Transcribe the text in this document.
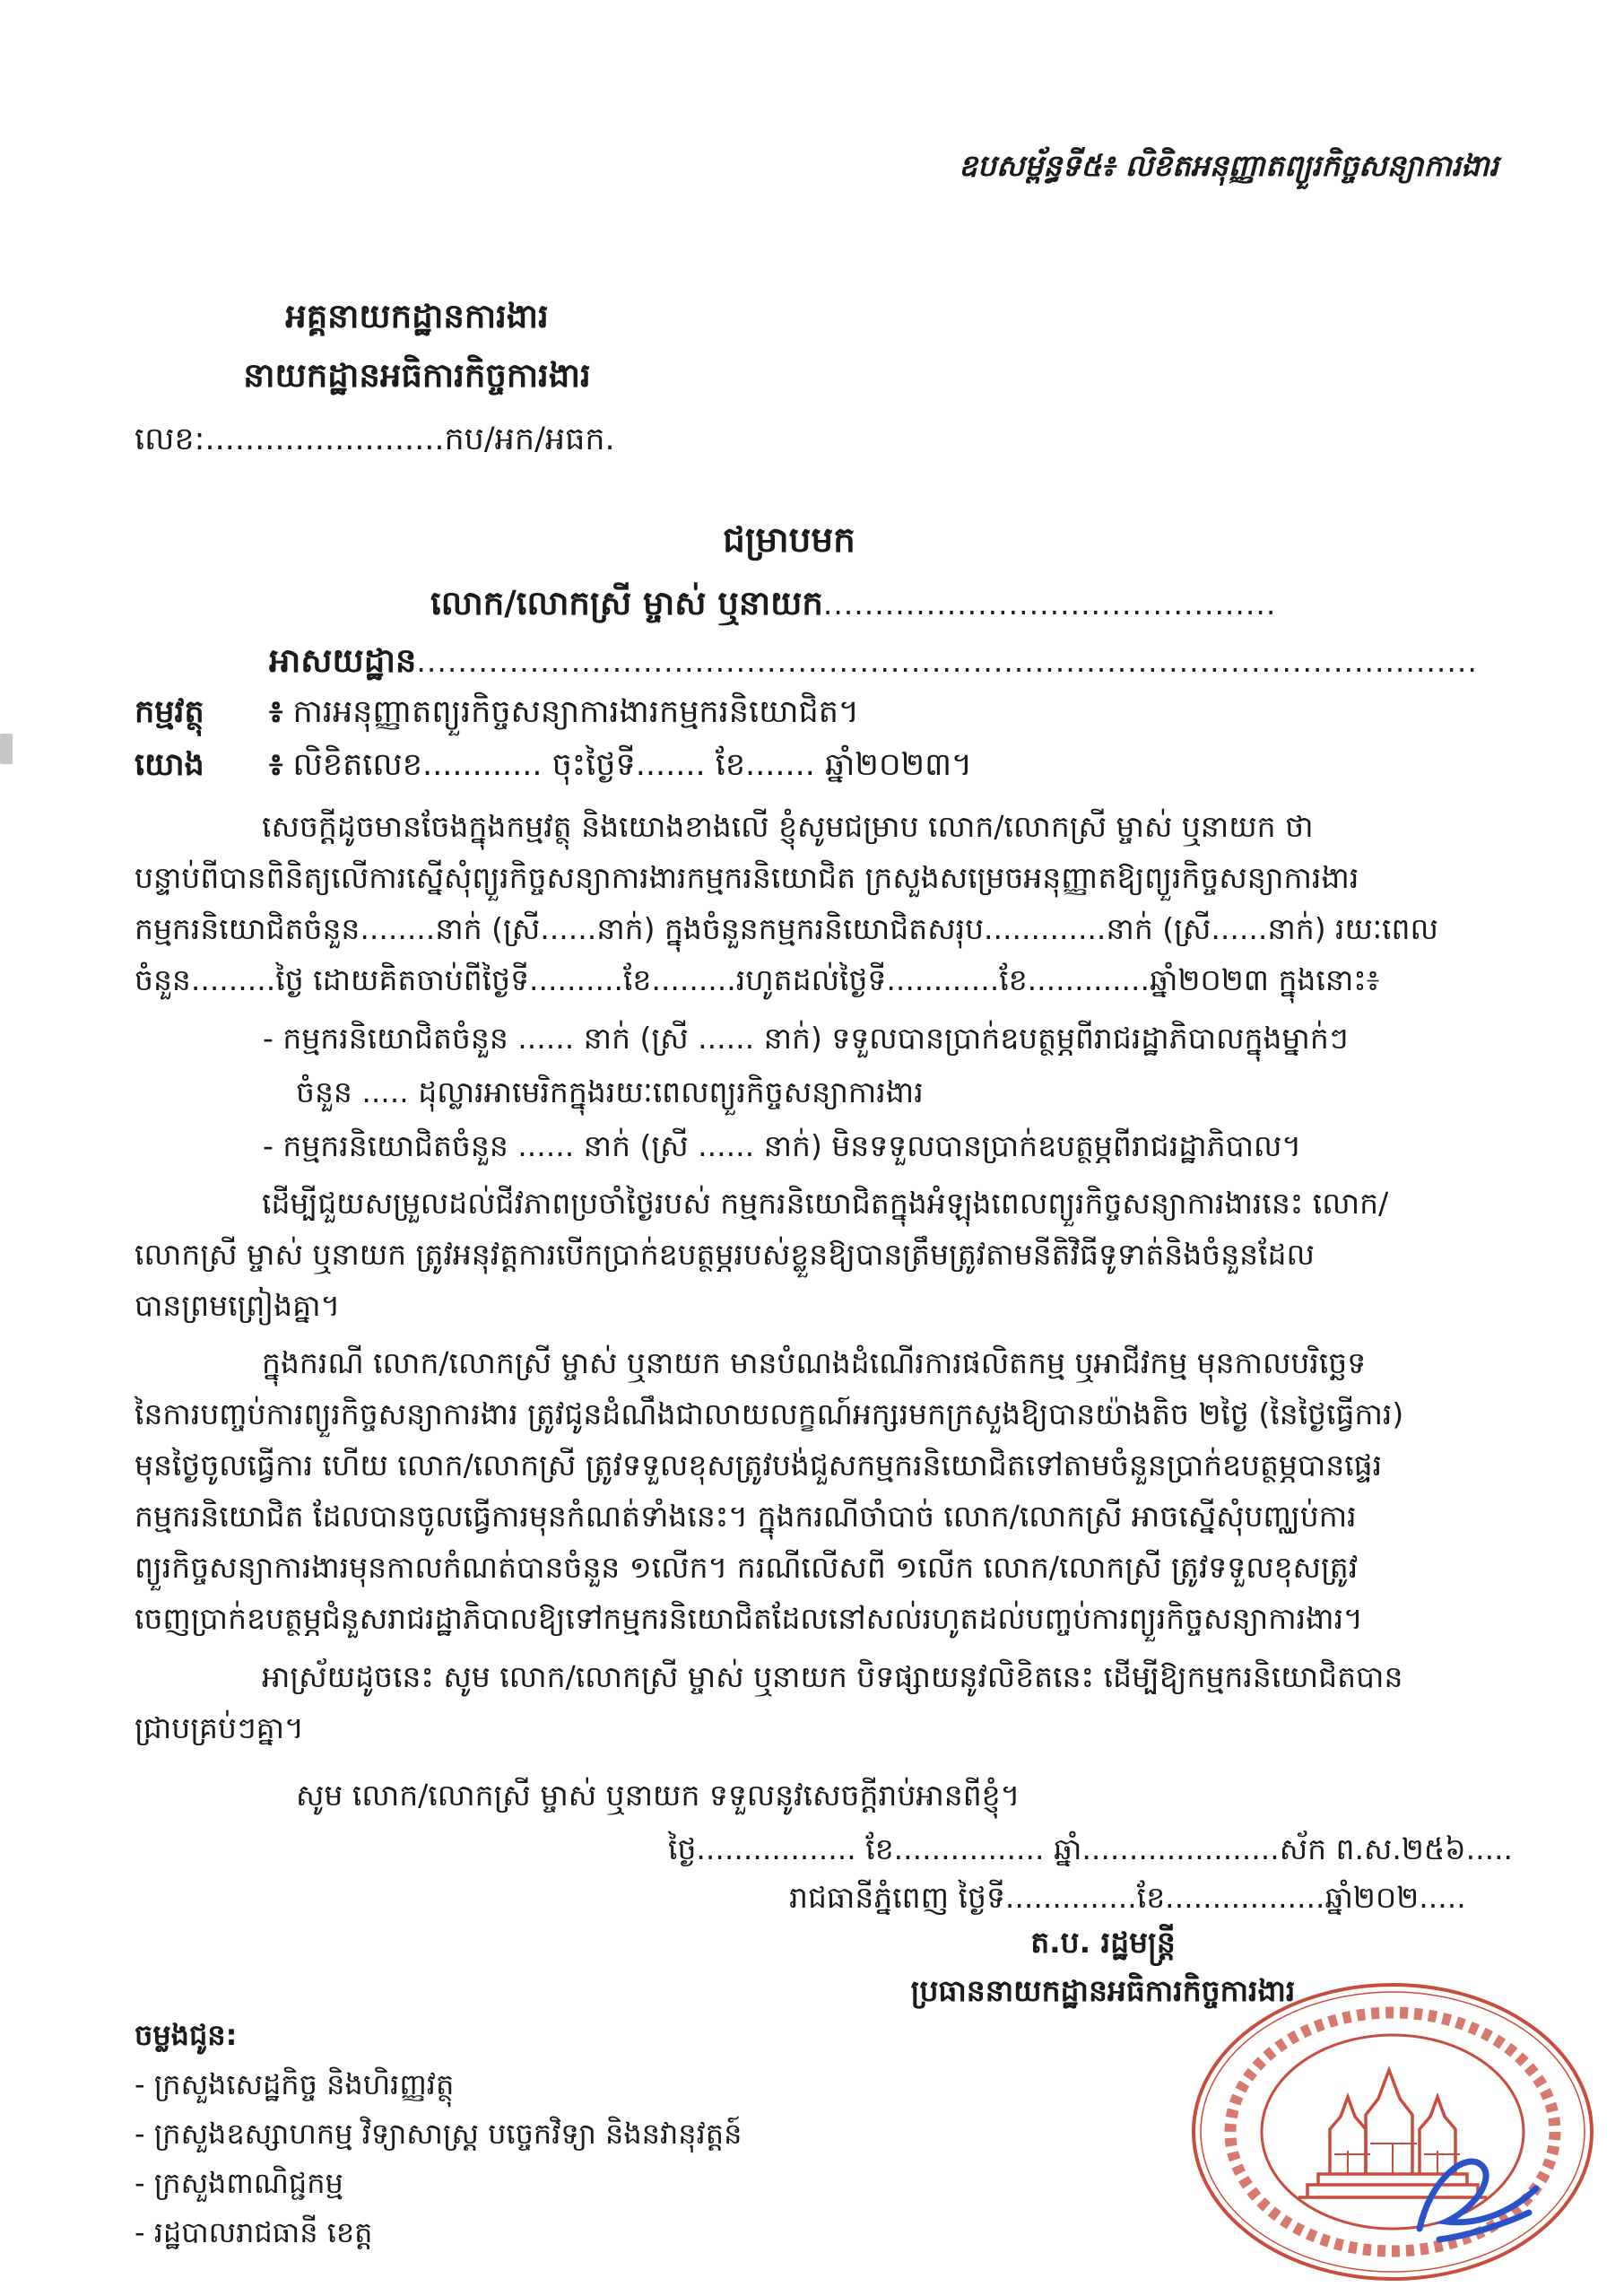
ឧបសម្ព័ន្ធទី៥៖ លិខិតអនុញ្ញាតព្យួរកិច្ចសន្យាការងារ
អគ្គនាយកដ្ឋានការងារ
នាយកដ្ឋានអធិការកិច្ចការងារ
លេខ:........................កប/អក/អធក.
ជម្រាបមក
លោក/លោកស្រី ម្ចាស់ ឬនាយក............................................
អាសយដ្ឋាន.......................................................................................................
កម្មវត្ថុ ៖ ការអនុញ្ញាតព្យួរកិច្ចសន្យាការងារកម្មករនិយោជិត។
យោង ៖ លិខិតលេខ............ ចុះថ្ងៃទី....... ខែ....... ឆ្នាំ២០២៣។
សេចក្តីដូចមានចែងក្នុងកម្មវត្ថុ និងយោងខាងលើ ខ្ញុំសូមជម្រាប លោក/លោកស្រី ម្ចាស់ ឬនាយក ថា
បន្ទាប់ពីបានពិនិត្យលើការស្នើសុំព្យួរកិច្ចសន្យាការងារកម្មករនិយោជិត ក្រសួងសម្រេចអនុញ្ញាតឱ្យព្យួរកិច្ចសន្យាការងារ
កម្មករនិយោជិតចំនួន........នាក់ (ស្រី......នាក់) ក្នុងចំនួនកម្មករនិយោជិតសរុប.............នាក់ (ស្រី......នាក់) រយៈពេល
ចំនួន.........ថ្ងៃ ដោយគិតចាប់ពីថ្ងៃទី..........ខែ.........រហូតដល់ថ្ងៃទី............ខែ.............ឆ្នាំ២០២៣ ក្នុងនោះ៖
- កម្មករនិយោជិតចំនួន ...... នាក់ (ស្រី ...... នាក់) ទទួលបានប្រាក់ឧបត្ថម្ភពីរាជរដ្ឋាភិបាលក្នុងម្នាក់ៗ
ចំនួន ..... ដុល្លារអាមេរិកក្នុងរយៈពេលព្យួរកិច្ចសន្យាការងារ
- កម្មករនិយោជិតចំនួន ...... នាក់ (ស្រី ...... នាក់) មិនទទួលបានប្រាក់ឧបត្ថម្ភពីរាជរដ្ឋាភិបាល។
ដើម្បីជួយសម្រួលដល់ជីវភាពប្រចាំថ្ងៃរបស់ កម្មករនិយោជិតក្នុងអំឡុងពេលព្យួរកិច្ចសន្យាការងារនេះ លោក/
លោកស្រី ម្ចាស់ ឬនាយក ត្រូវអនុវត្តការបើកប្រាក់ឧបត្ថម្ភរបស់ខ្លួនឱ្យបានត្រឹមត្រូវតាមនីតិវិធីទូទាត់និងចំនួនដែល
បានព្រមព្រៀងគ្នា។
ក្នុងករណី លោក/លោកស្រី ម្ចាស់ ឬនាយក មានបំណងដំណើរការផលិតកម្ម ឬអាជីវកម្ម មុនកាលបរិច្ឆេទ
នៃការបញ្ចប់ការព្យួរកិច្ចសន្យាការងារ ត្រូវជូនដំណឹងជាលាយលក្ខណ៍អក្សរមកក្រសួងឱ្យបានយ៉ាងតិច ២ថ្ងៃ (នៃថ្ងៃធ្វើការ)
មុនថ្ងៃចូលធ្វើការ ហើយ លោក/លោកស្រី ត្រូវទទួលខុសត្រូវបង់ជួសកម្មករនិយោជិតទៅតាមចំនួនប្រាក់ឧបត្ថម្ភបានផ្ទេរ
កម្មករនិយោជិត ដែលបានចូលធ្វើការមុនកំណត់ទាំងនេះ។ ក្នុងករណីចាំបាច់ លោក/លោកស្រី អាចស្នើសុំបញ្ឈប់ការ
ព្យួរកិច្ចសន្យាការងារមុនកាលកំណត់បានចំនួន ១លើក។ ករណីលើសពី ១លើក លោក/លោកស្រី ត្រូវទទួលខុសត្រូវ
ចេញប្រាក់ឧបត្ថម្ភជំនួសរាជរដ្ឋាភិបាលឱ្យទៅកម្មករនិយោជិតដែលនៅសល់រហូតដល់បញ្ចប់ការព្យួរកិច្ចសន្យាការងារ។
អាស្រ័យដូចនេះ សូម លោក/លោកស្រី ម្ចាស់ ឬនាយក បិទផ្សាយនូវលិខិតនេះ ដើម្បីឱ្យកម្មករនិយោជិតបាន
ជ្រាបគ្រប់ៗគ្នា។
សូម លោក/លោកស្រី ម្ចាស់ ឬនាយក ទទួលនូវសេចក្តីរាប់អានពីខ្ញុំ។
ថ្ងៃ................. ខែ................ ឆ្នាំ.....................ស័ក ព.ស.២៥៦.....
រាជធានីភ្នំពេញ ថ្ងៃទី..............ខែ.................ឆ្នាំ២០២.....
ត.ប. រដ្ឋមន្ត្រី
ប្រធាននាយកដ្ឋានអធិការកិច្ចការងារ
ចម្លងជូន:
- ក្រសួងសេដ្ឋកិច្ច និងហិរញ្ញវត្ថុ
- ក្រសួងឧស្សាហកម្ម វិទ្យាសាស្ត្រ បច្ចេកវិទ្យា និងនវានុវត្តន៍
- ក្រសួងពាណិជ្ជកម្ម
- រដ្ឋបាលរាជធានី ខេត្ត
